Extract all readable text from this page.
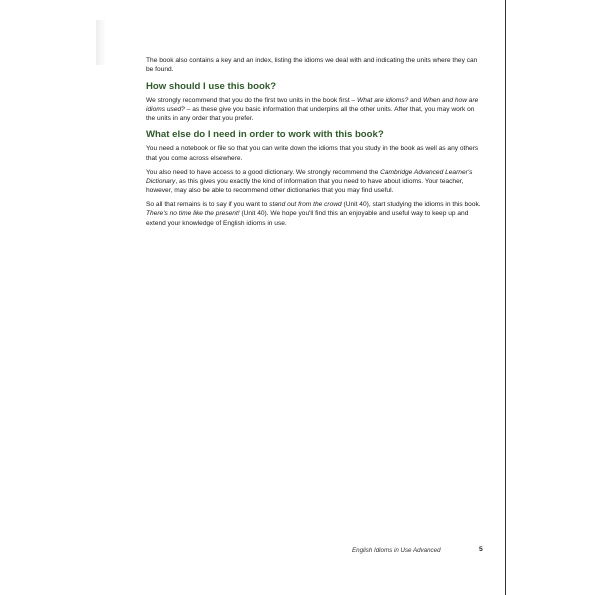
The book also contains a key and an index, listing the idioms we deal with and indicating the units where they can be found.

How should I use this book?

We strongly recommend that you do the first two units in the book first – What are idioms? and When and how are idioms used? – as these give you basic information that underpins all the other units. After that, you may work on the units in any order that you prefer.

What else do I need in order to work with this book?

You need a notebook or file so that you can write down the idioms that you study in the book as well as any others that you come across elsewhere.

You also need to have access to a good dictionary. We strongly recommend the Cambridge Advanced Learner's Dictionary, as this gives you exactly the kind of information that you need to have about idioms. Your teacher, however, may also be able to recommend other dictionaries that you may find useful.

So all that remains is to say if you want to stand out from the crowd (Unit 40), start studying the idioms in this book. There's no time like the present! (Unit 40). We hope you'll find this an enjoyable and useful way to keep up and extend your knowledge of English idioms in use.

English Idioms in Use Advanced	5
